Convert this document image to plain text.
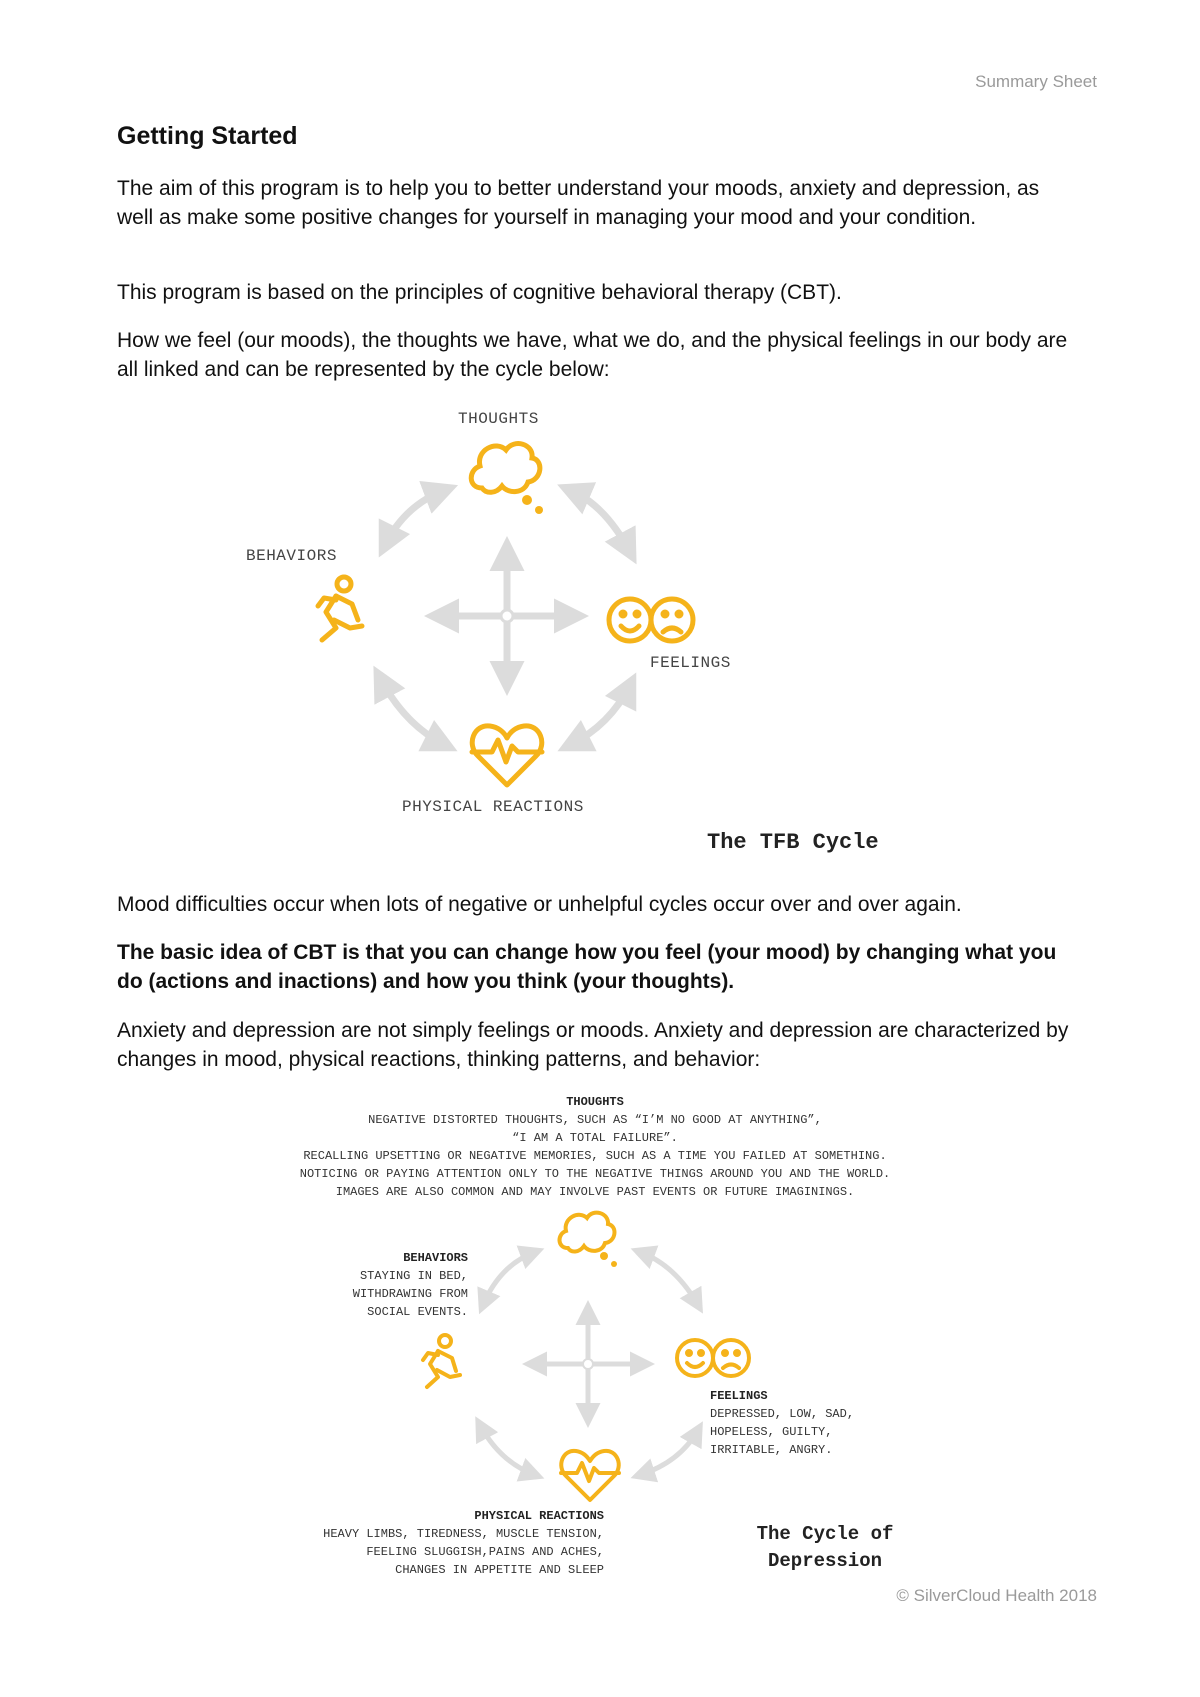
Summary Sheet
Getting Started

The aim of this program is to help you to better understand your moods, anxiety and depression, as well as make some positive changes for yourself in managing your mood and your condition.

This program is based on the principles of cognitive behavioral therapy (CBT).

How we feel (our moods), the thoughts we have, what we do, and the physical feelings in our body are all linked and can be represented by the cycle below:

THOUGHTS
BEHAVIORS
FEELINGS
PHYSICAL REACTIONS
The TFB Cycle

Mood difficulties occur when lots of negative or unhelpful cycles occur over and over again.

The basic idea of CBT is that you can change how you feel (your mood) by changing what you do (actions and inactions) and how you think (your thoughts).

Anxiety and depression are not simply feelings or moods. Anxiety and depression are characterized by changes in mood, physical reactions, thinking patterns, and behavior:

THOUGHTS
NEGATIVE DISTORTED THOUGHTS, SUCH AS “I’M NO GOOD AT ANYTHING”,
“I AM A TOTAL FAILURE”.
RECALLING UPSETTING OR NEGATIVE MEMORIES, SUCH AS A TIME YOU FAILED AT SOMETHING.
NOTICING OR PAYING ATTENTION ONLY TO THE NEGATIVE THINGS AROUND YOU AND THE WORLD.
IMAGES ARE ALSO COMMON AND MAY INVOLVE PAST EVENTS OR FUTURE IMAGININGS.
BEHAVIORS
STAYING IN BED,
WITHDRAWING FROM
SOCIAL EVENTS.
FEELINGS
DEPRESSED, LOW, SAD,
HOPELESS, GUILTY,
IRRITABLE, ANGRY.
PHYSICAL REACTIONS
HEAVY LIMBS, TIREDNESS, MUSCLE TENSION,
FEELING SLUGGISH,PAINS AND ACHES,
CHANGES IN APPETITE AND SLEEP
The Cycle of
Depression
© SilverCloud Health 2018
